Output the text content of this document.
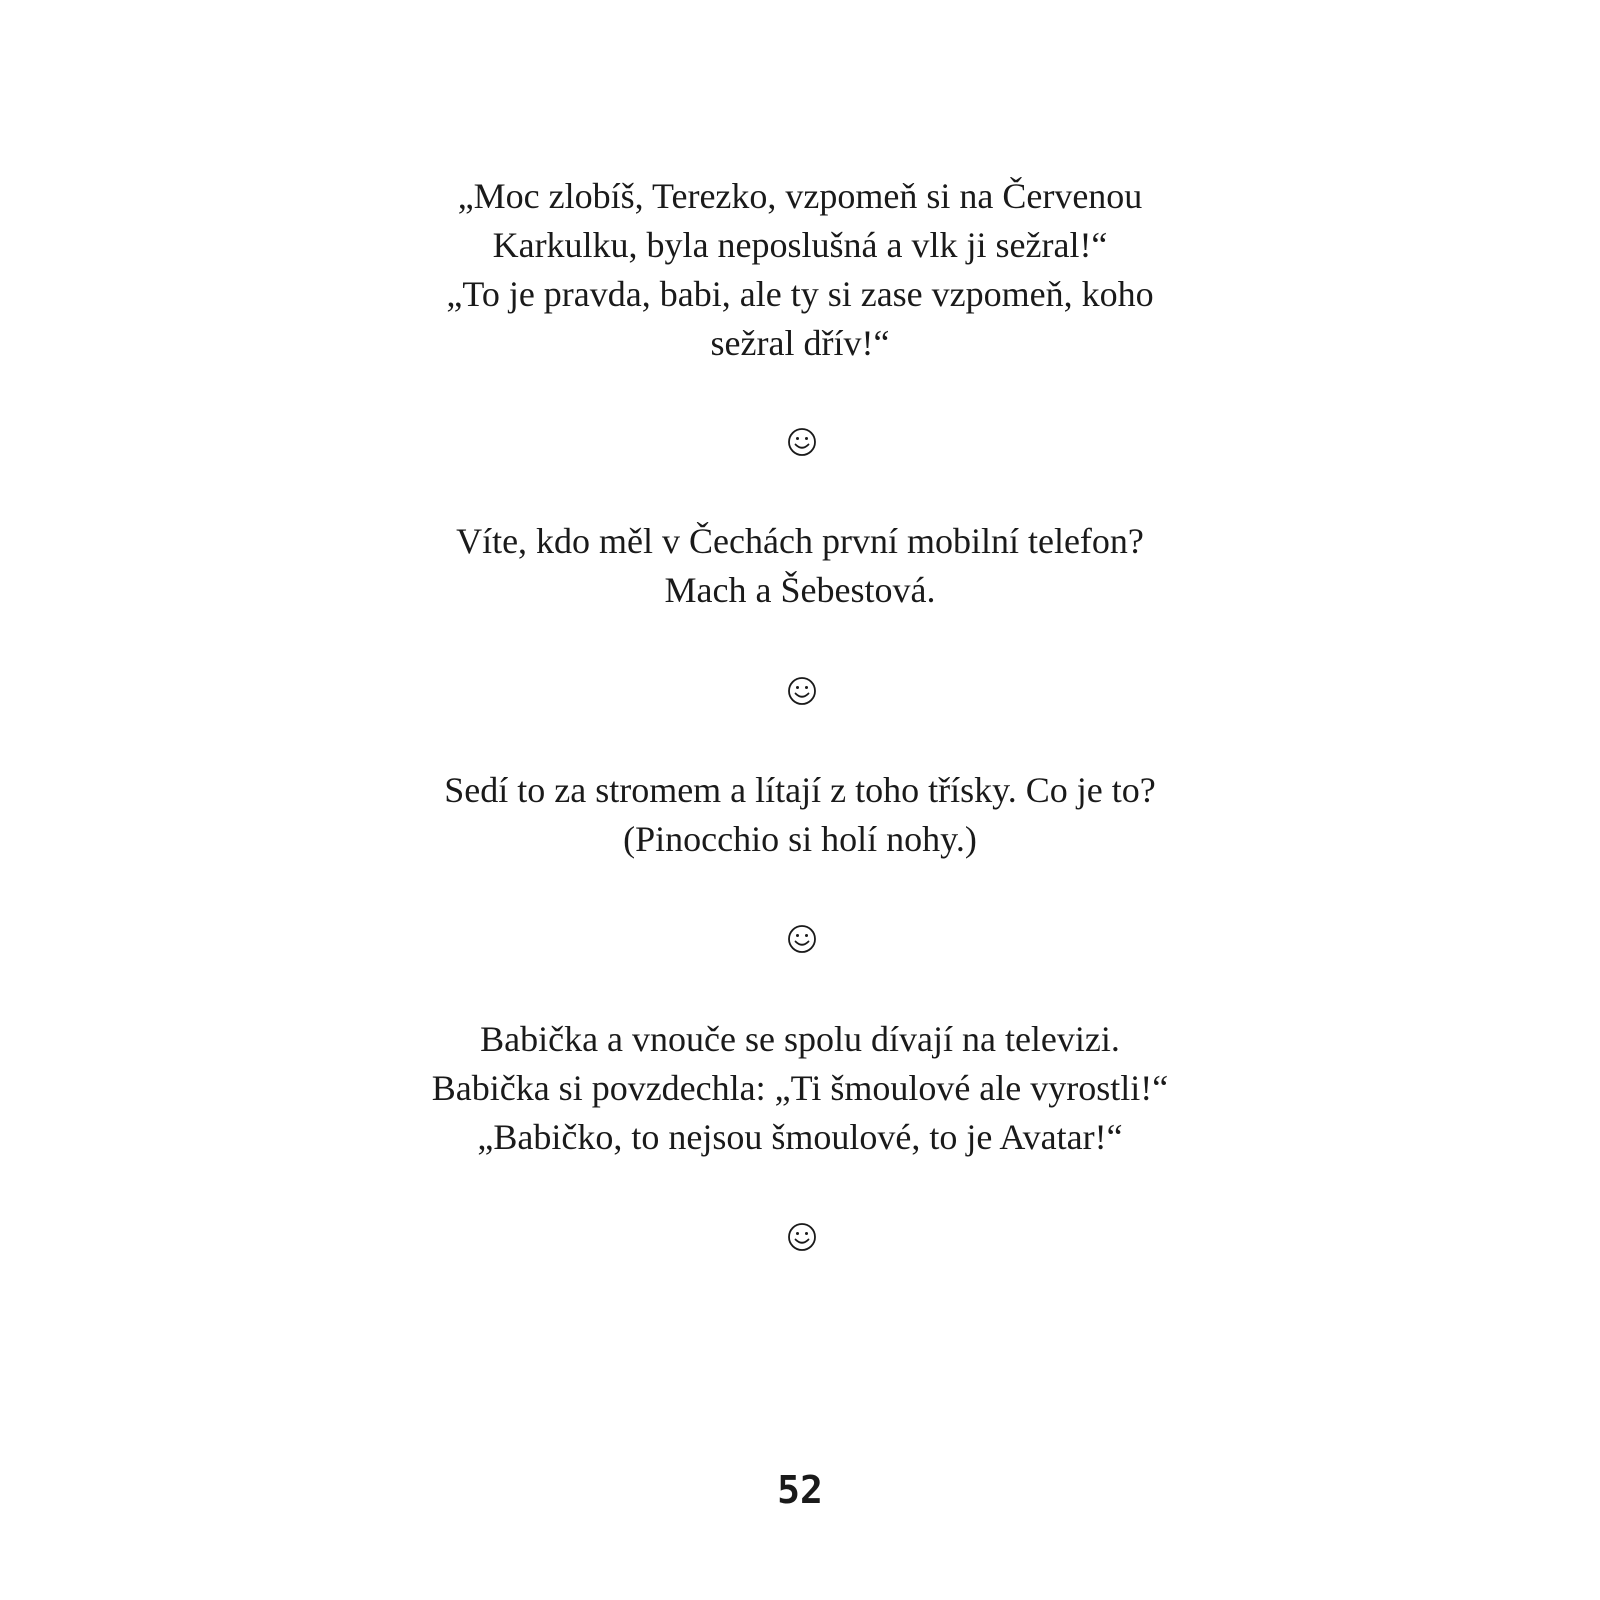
„Moc zlobíš, Terezko, vzpomeň si na Červenou
Karkulku, byla neposlušná a vlk ji sežral!“
„To je pravda, babi, ale ty si zase vzpomeň, koho
sežral dřív!“
Víte, kdo měl v Čechách první mobilní telefon?
Mach a Šebestová.
Sedí to za stromem a lítají z toho třísky. Co je to?
(Pinocchio si holí nohy.)
Babička a vnouče se spolu dívají na televizi.
Babička si povzdechla: „Ti šmoulové ale vyrostli!“
„Babičko, to nejsou šmoulové, to je Avatar!“
52
